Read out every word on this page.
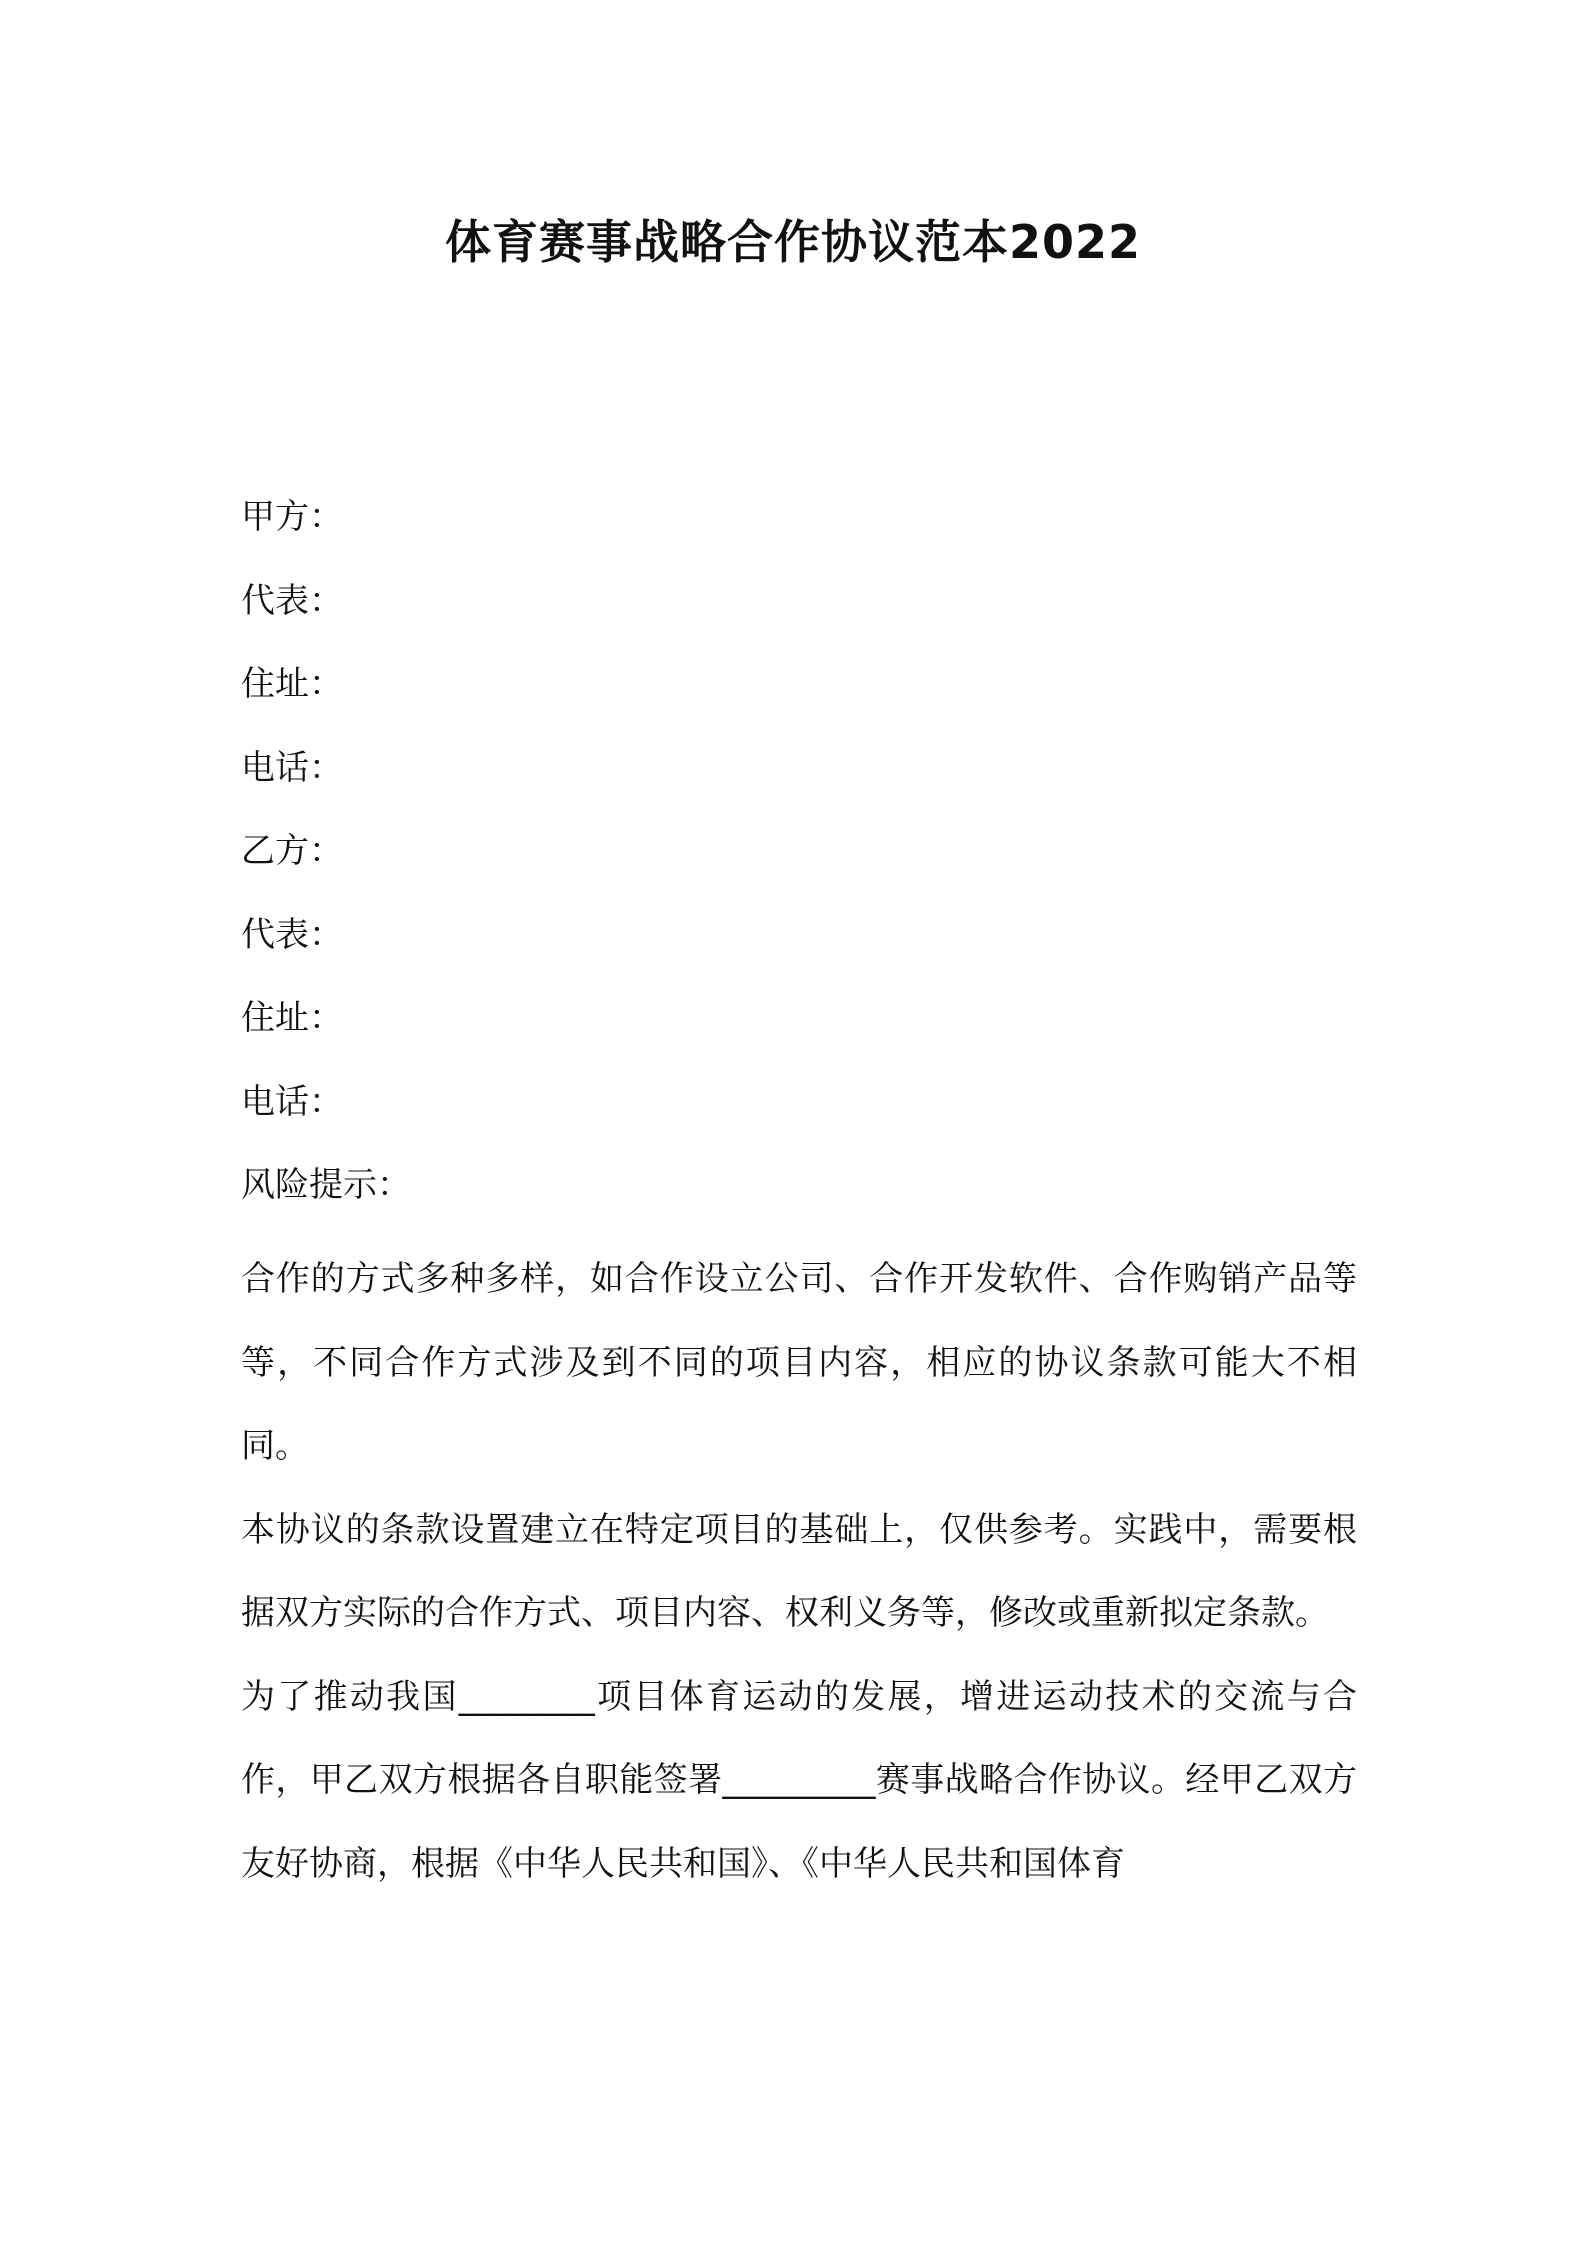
体育赛事战略合作协议范本2022
甲方：
代表：
住址：
电话：
乙方：
代表：
住址：
电话：
风险提示：

合作的方式多种多样，如合作设立公司、合作开发软件、合作购销产品等等，不同合作方式涉及到不同的项目内容，相应的协议条款可能大不相同。

本协议的条款设置建立在特定项目的基础上，仅供参考。实践中，需要根据双方实际的合作方式、项目内容、权利义务等，修改或重新拟定条款。

为了推动我国________项目体育运动的发展，增进运动技术的交流与合作，甲乙双方根据各自职能签署_________赛事战略合作协议。经甲乙双方友好协商，根据《中华人民共和国》、《中华人民共和国体育
